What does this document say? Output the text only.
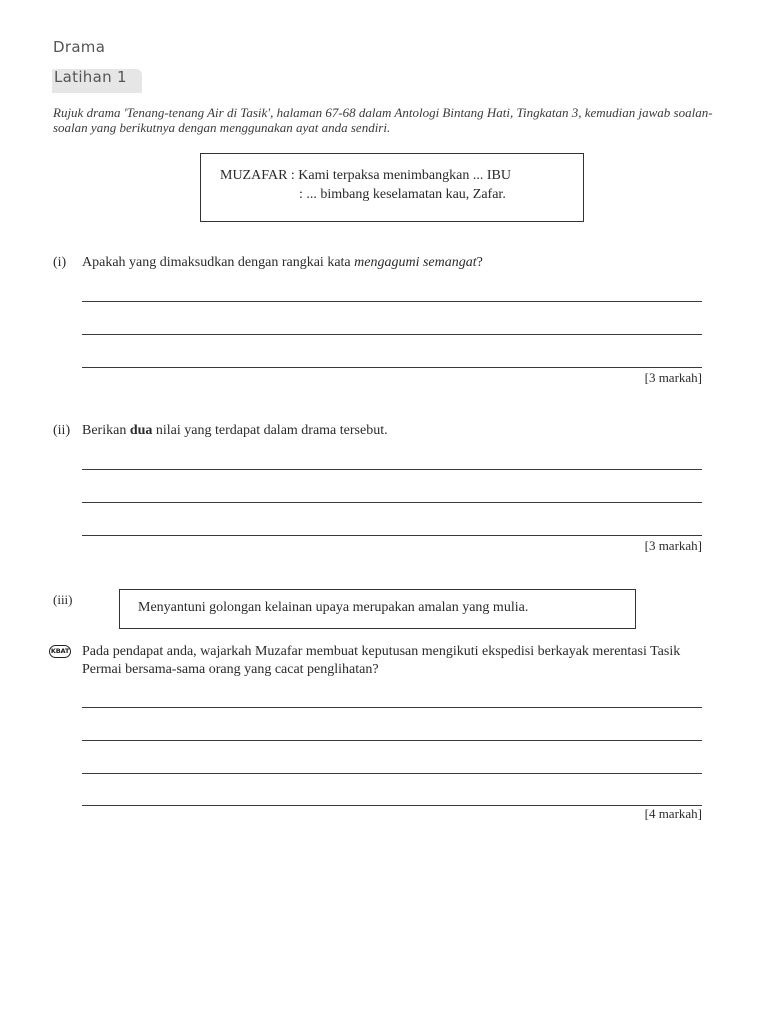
Drama
Latihan 1
Rujuk drama 'Tenang-tenang Air di Tasik', halaman 67-68 dalam Antologi Bintang Hati, Tingkatan 3, kemudian jawab soalan-soalan yang berikutnya dengan menggunakan ayat anda sendiri.
MUZAFAR : Kami terpaksa menimbangkan ... IBU
: ... bimbang keselamatan kau, Zafar.
(i) Apakah yang dimaksudkan dengan rangkai kata mengagumi semangat?
[3 markah]
(ii) Berikan dua nilai yang terdapat dalam drama tersebut.
[3 markah]
(iii)
Menyantuni golongan kelainan upaya merupakan amalan yang mulia.
KBAT Pada pendapat anda, wajarkah Muzafar membuat keputusan mengikuti ekspedisi berkayak merentasi Tasik Permai bersama-sama orang yang cacat penglihatan?
[4 markah]
